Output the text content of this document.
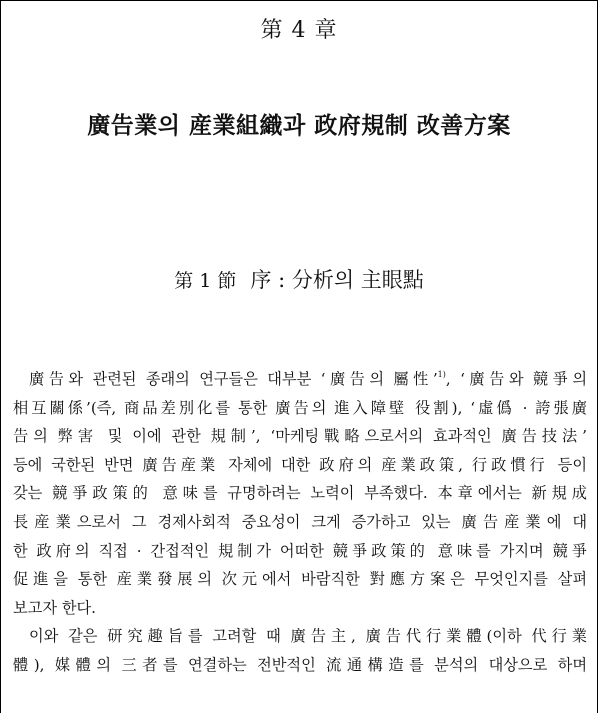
第 4 章
廣告業의 産業組織과 政府規制 改善方案
第 1 節 序 : 分析의 主眼點
廣告와 관련된 종래의 연구들은 대부분 ‘廣告의 屬性’$^{1)}$, ‘廣告와 競爭의
相互關係’(즉, 商品差別化를 통한 廣告의 進入障壁 役割), ‘虛僞 · 誇張廣
告의 弊害 및 이에 관한 規制’, ‘마케팅戰略으로서의 효과적인 廣告技法’
등에 국한된 반면 廣告産業 자체에 대한 政府의 産業政策, 行政慣行 등이
갖는 競爭政策的 意味를 규명하려는 노력이 부족했다. 本章에서는 新規成
長産業으로서 그 경제사회적 중요성이 크게 증가하고 있는 廣告産業에 대
한 政府의 직접 · 간접적인 規制가 어떠한 競爭政策的 意味를 가지며 競爭
促進을 통한 産業發展의 次元에서 바람직한 對應方案은 무엇인지를 살펴
보고자 한다.
이와 같은 研究趣旨를 고려할 때 廣告主, 廣告代行業體(이하 代行業
體), 媒體의 三者를 연결하는 전반적인 流通構造를 분석의 대상으로 하며
